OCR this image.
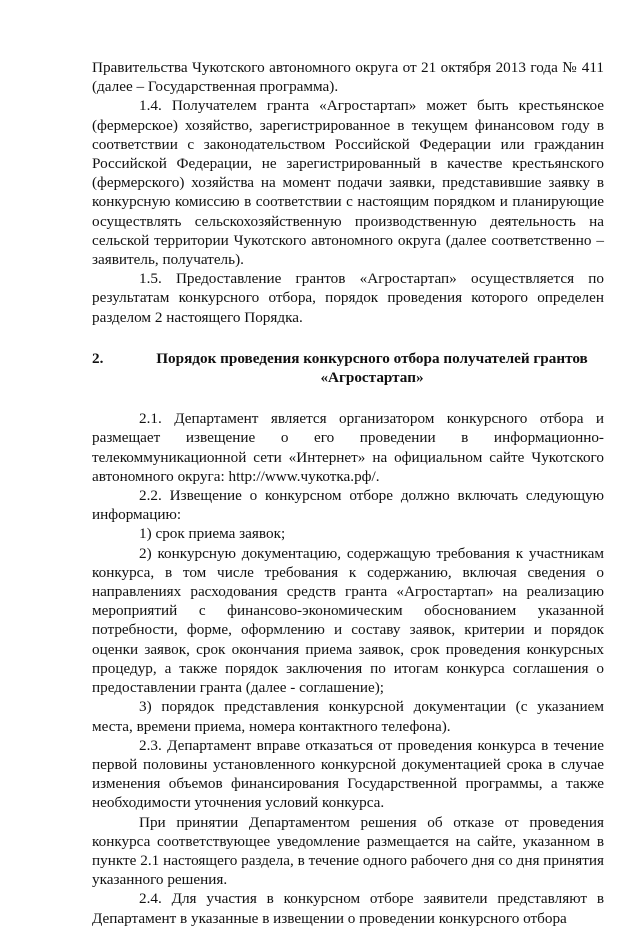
Правительства Чукотского автономного округа от 21 октября 2013 года № 411 (далее – Государственная программа).

1.4. Получателем гранта «Агростартап» может быть крестьянское (фермерское) хозяйство, зарегистрированное в текущем финансовом году в соответствии с законодательством Российской Федерации или гражданин Российской Федерации, не зарегистрированный в качестве крестьянского (фермерского) хозяйства на момент подачи заявки, представившие заявку в конкурсную комиссию в соответствии с настоящим порядком и планирующие осуществлять сельскохозяйственную производственную деятельность на сельской территории Чукотского автономного округа (далее соответственно – заявитель, получатель).

1.5. Предоставление грантов «Агростартап» осуществляется по результатам конкурсного отбора, порядок проведения которого определен разделом 2 настоящего Порядка.

2.	Порядок проведения конкурсного отбора получателей грантов «Агростартап»

2.1. Департамент является организатором конкурсного отбора и размещает извещение о его проведении в информационно-телекоммуникационной сети «Интернет» на официальном сайте Чукотского автономного округа: http://www.чукотка.рф/.

2.2. Извещение о конкурсном отборе должно включать следующую информацию:

1) срок приема заявок;

2) конкурсную документацию, содержащую требования к участникам конкурса, в том числе требования к содержанию, включая сведения о направлениях расходования средств гранта «Агростартап» на реализацию мероприятий с финансово-экономическим обоснованием указанной потребности, форме, оформлению и составу заявок, критерии и порядок оценки заявок, срок окончания приема заявок, срок проведения конкурсных процедур, а также порядок заключения по итогам конкурса соглашения о предоставлении гранта (далее - соглашение);

3) порядок представления конкурсной документации (с указанием места, времени приема, номера контактного телефона).

2.3. Департамент вправе отказаться от проведения конкурса в течение первой половины установленного конкурсной документацией срока в случае изменения объемов финансирования Государственной программы, а также необходимости уточнения условий конкурса.

При принятии Департаментом решения об отказе от проведения конкурса соответствующее уведомление размещается на сайте, указанном в пункте 2.1 настоящего раздела, в течение одного рабочего дня со дня принятия указанного решения.

2.4. Для участия в конкурсном отборе заявители представляют в Департамент в указанные в извещении о проведении конкурсного отбора
